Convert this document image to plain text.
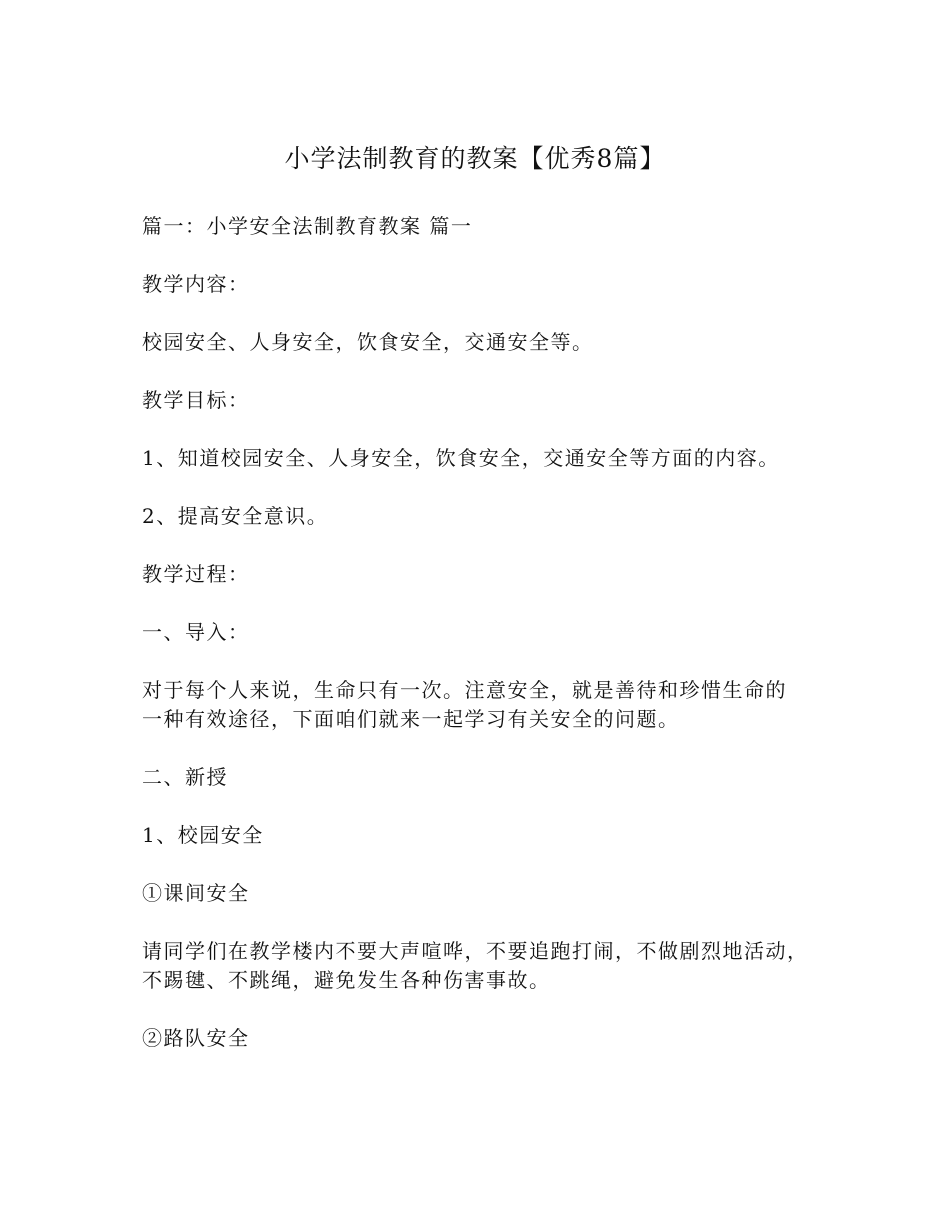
小学法制教育的教案【优秀8篇】

篇一：小学安全法制教育教案 篇一

教学内容：

校园安全、人身安全，饮食安全，交通安全等。

教学目标：

1、知道校园安全、人身安全，饮食安全，交通安全等方面的内容。

2、提高安全意识。

教学过程：

一、导入：

对于每个人来说，生命只有一次。注意安全，就是善待和珍惜生命的

一种有效途径，下面咱们就来一起学习有关安全的问题。

二、新授

1、校园安全

①课间安全

请同学们在教学楼内不要大声喧哗，不要追跑打闹，不做剧烈地活动，

不踢毽、不跳绳，避免发生各种伤害事故。

②路队安全
